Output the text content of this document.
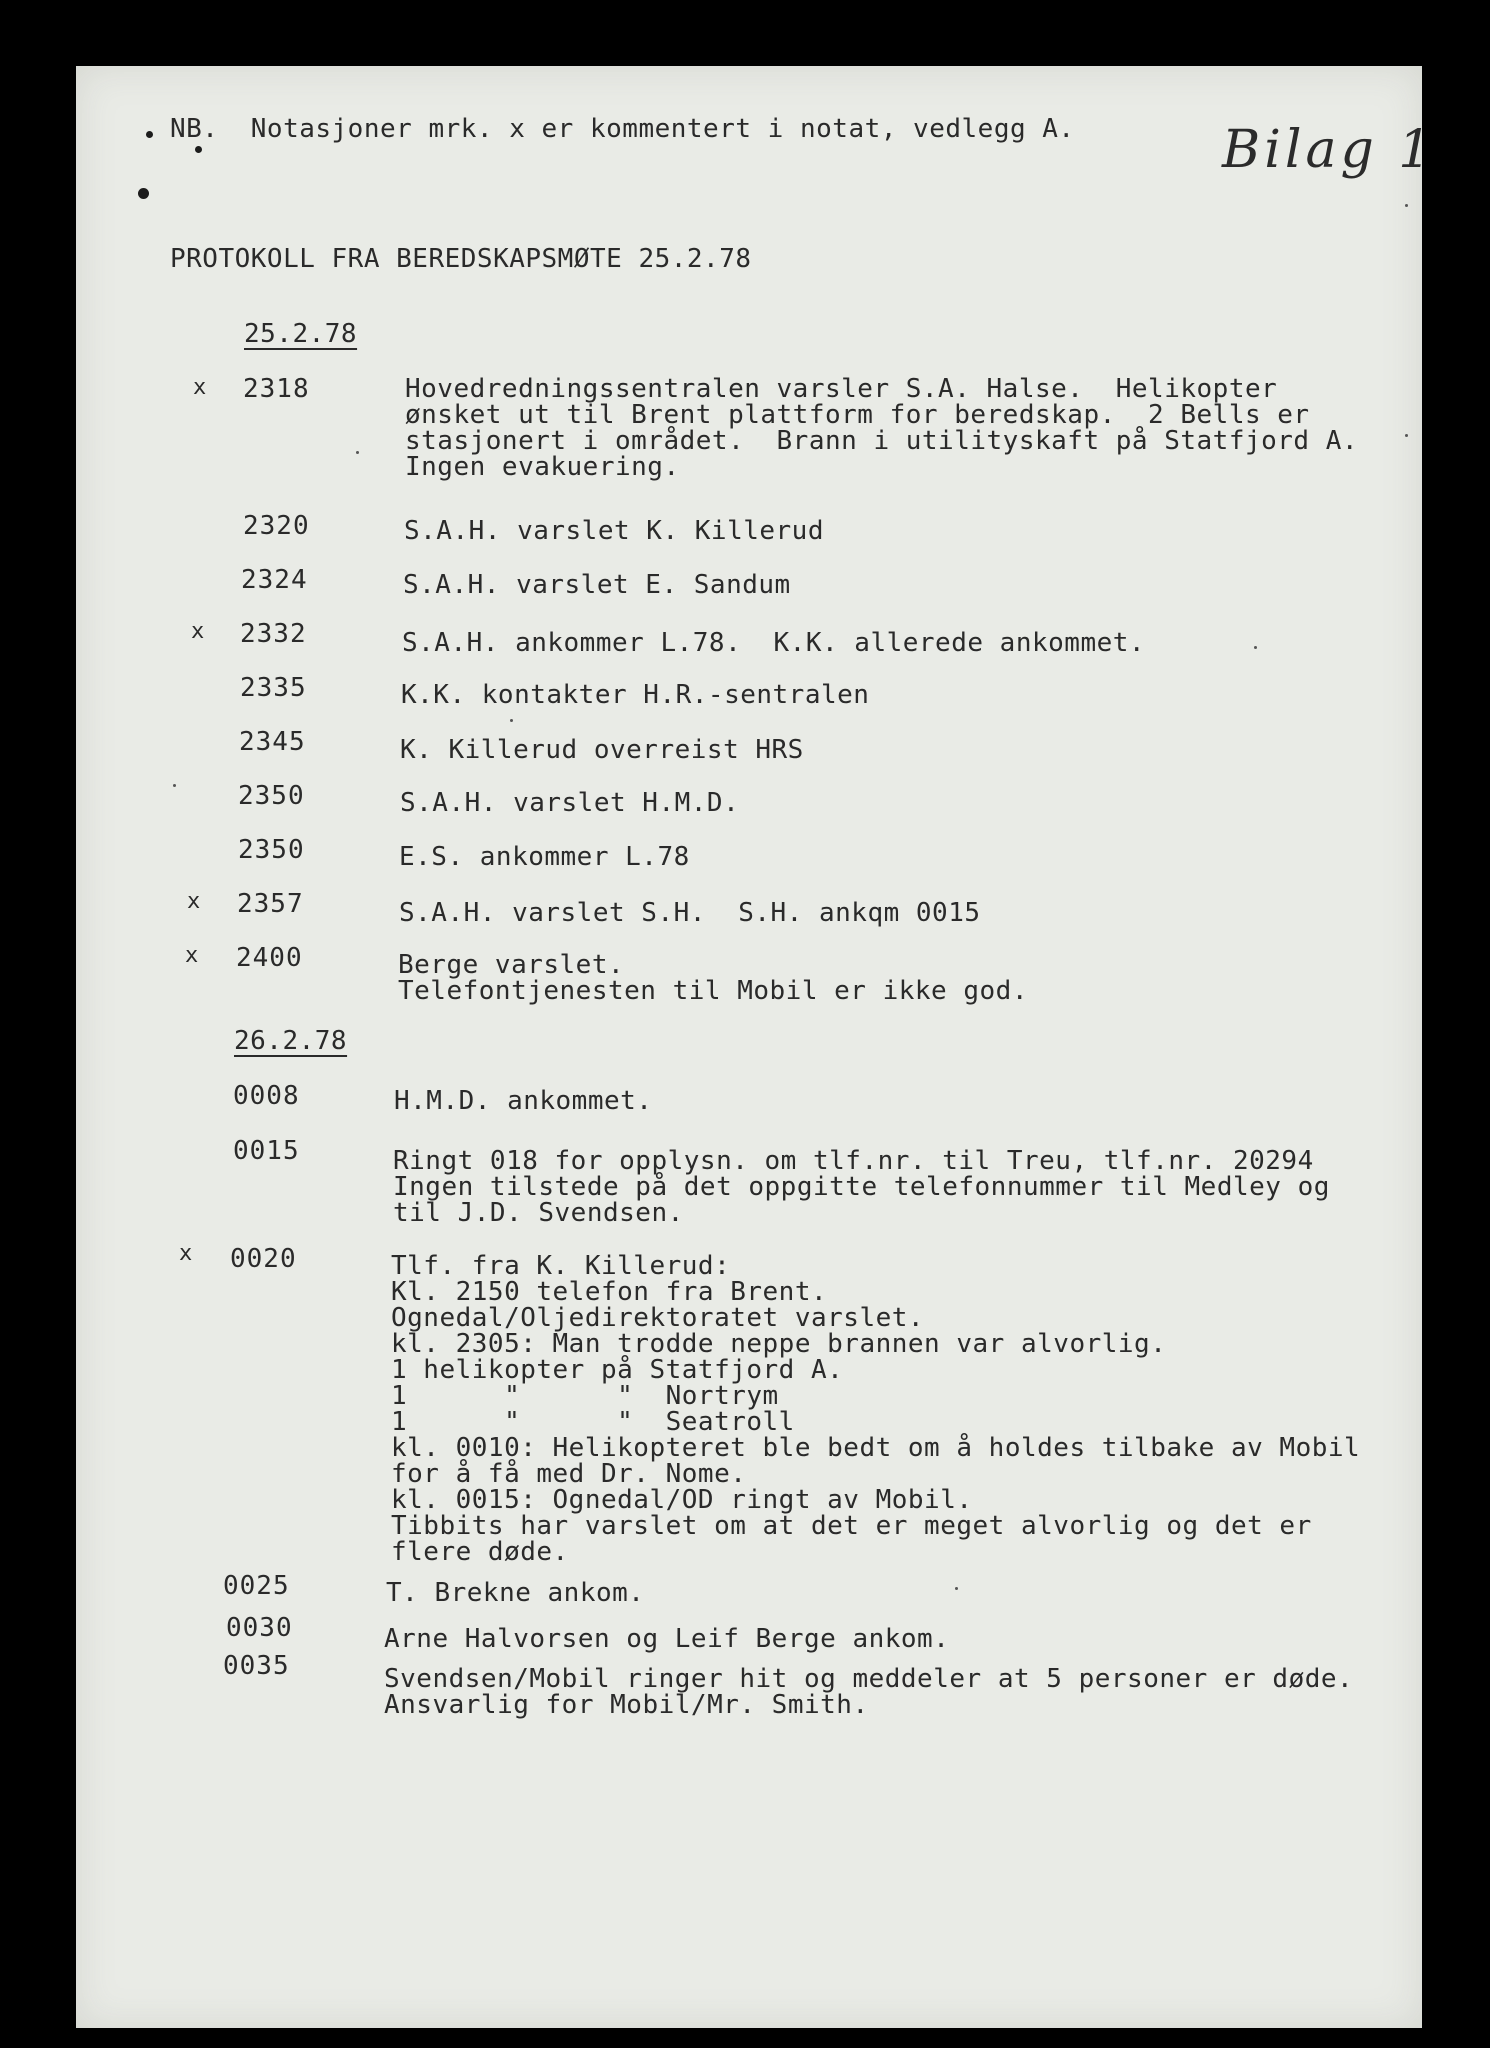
NB.  Notasjoner mrk. x er kommentert i notat, vedlegg A.	Bilag 1
PROTOKOLL FRA BEREDSKAPSMØTE 25.2.78
25.2.78
x 2318	Hovedredningssentralen varsler S.A. Halse.  Helikopter
ønsket ut til Brent plattform for beredskap.  2 Bells er
stasjonert i området.  Brann i utilityskaft på Statfjord A.
Ingen evakuering.
2320	S.A.H. varslet K. Killerud
2324	S.A.H. varslet E. Sandum
x 2332	S.A.H. ankommer L.78.  K.K. allerede ankommet.
2335	K.K. kontakter H.R.-sentralen
2345	K. Killerud overreist HRS
2350	S.A.H. varslet H.M.D.
2350	E.S. ankommer L.78
x 2357	S.A.H. varslet S.H.  S.H. ankqm 0015
x 2400	Berge varslet.
Telefontjenesten til Mobil er ikke god.
26.2.78
0008	H.M.D. ankommet.
0015	Ringt 018 for opplysn. om tlf.nr. til Treu, tlf.nr. 20294
Ingen tilstede på det oppgitte telefonnummer til Medley og
til J.D. Svendsen.
x 0020	Tlf. fra K. Killerud:
Kl. 2150 telefon fra Brent.
Ognedal/Oljedirektoratet varslet.
kl. 2305: Man trodde neppe brannen var alvorlig.
1 helikopter på Statfjord A.
1      "      "  Nortrym
1      "      "  Seatroll
kl. 0010: Helikopteret ble bedt om å holdes tilbake av Mobil
for å få med Dr. Nome.
kl. 0015: Ognedal/OD ringt av Mobil.
Tibbits har varslet om at det er meget alvorlig og det er
flere døde.
0025	T. Brekne ankom.
0030	Arne Halvorsen og Leif Berge ankom.
0035	Svendsen/Mobil ringer hit og meddeler at 5 personer er døde.
Ansvarlig for Mobil/Mr. Smith.
